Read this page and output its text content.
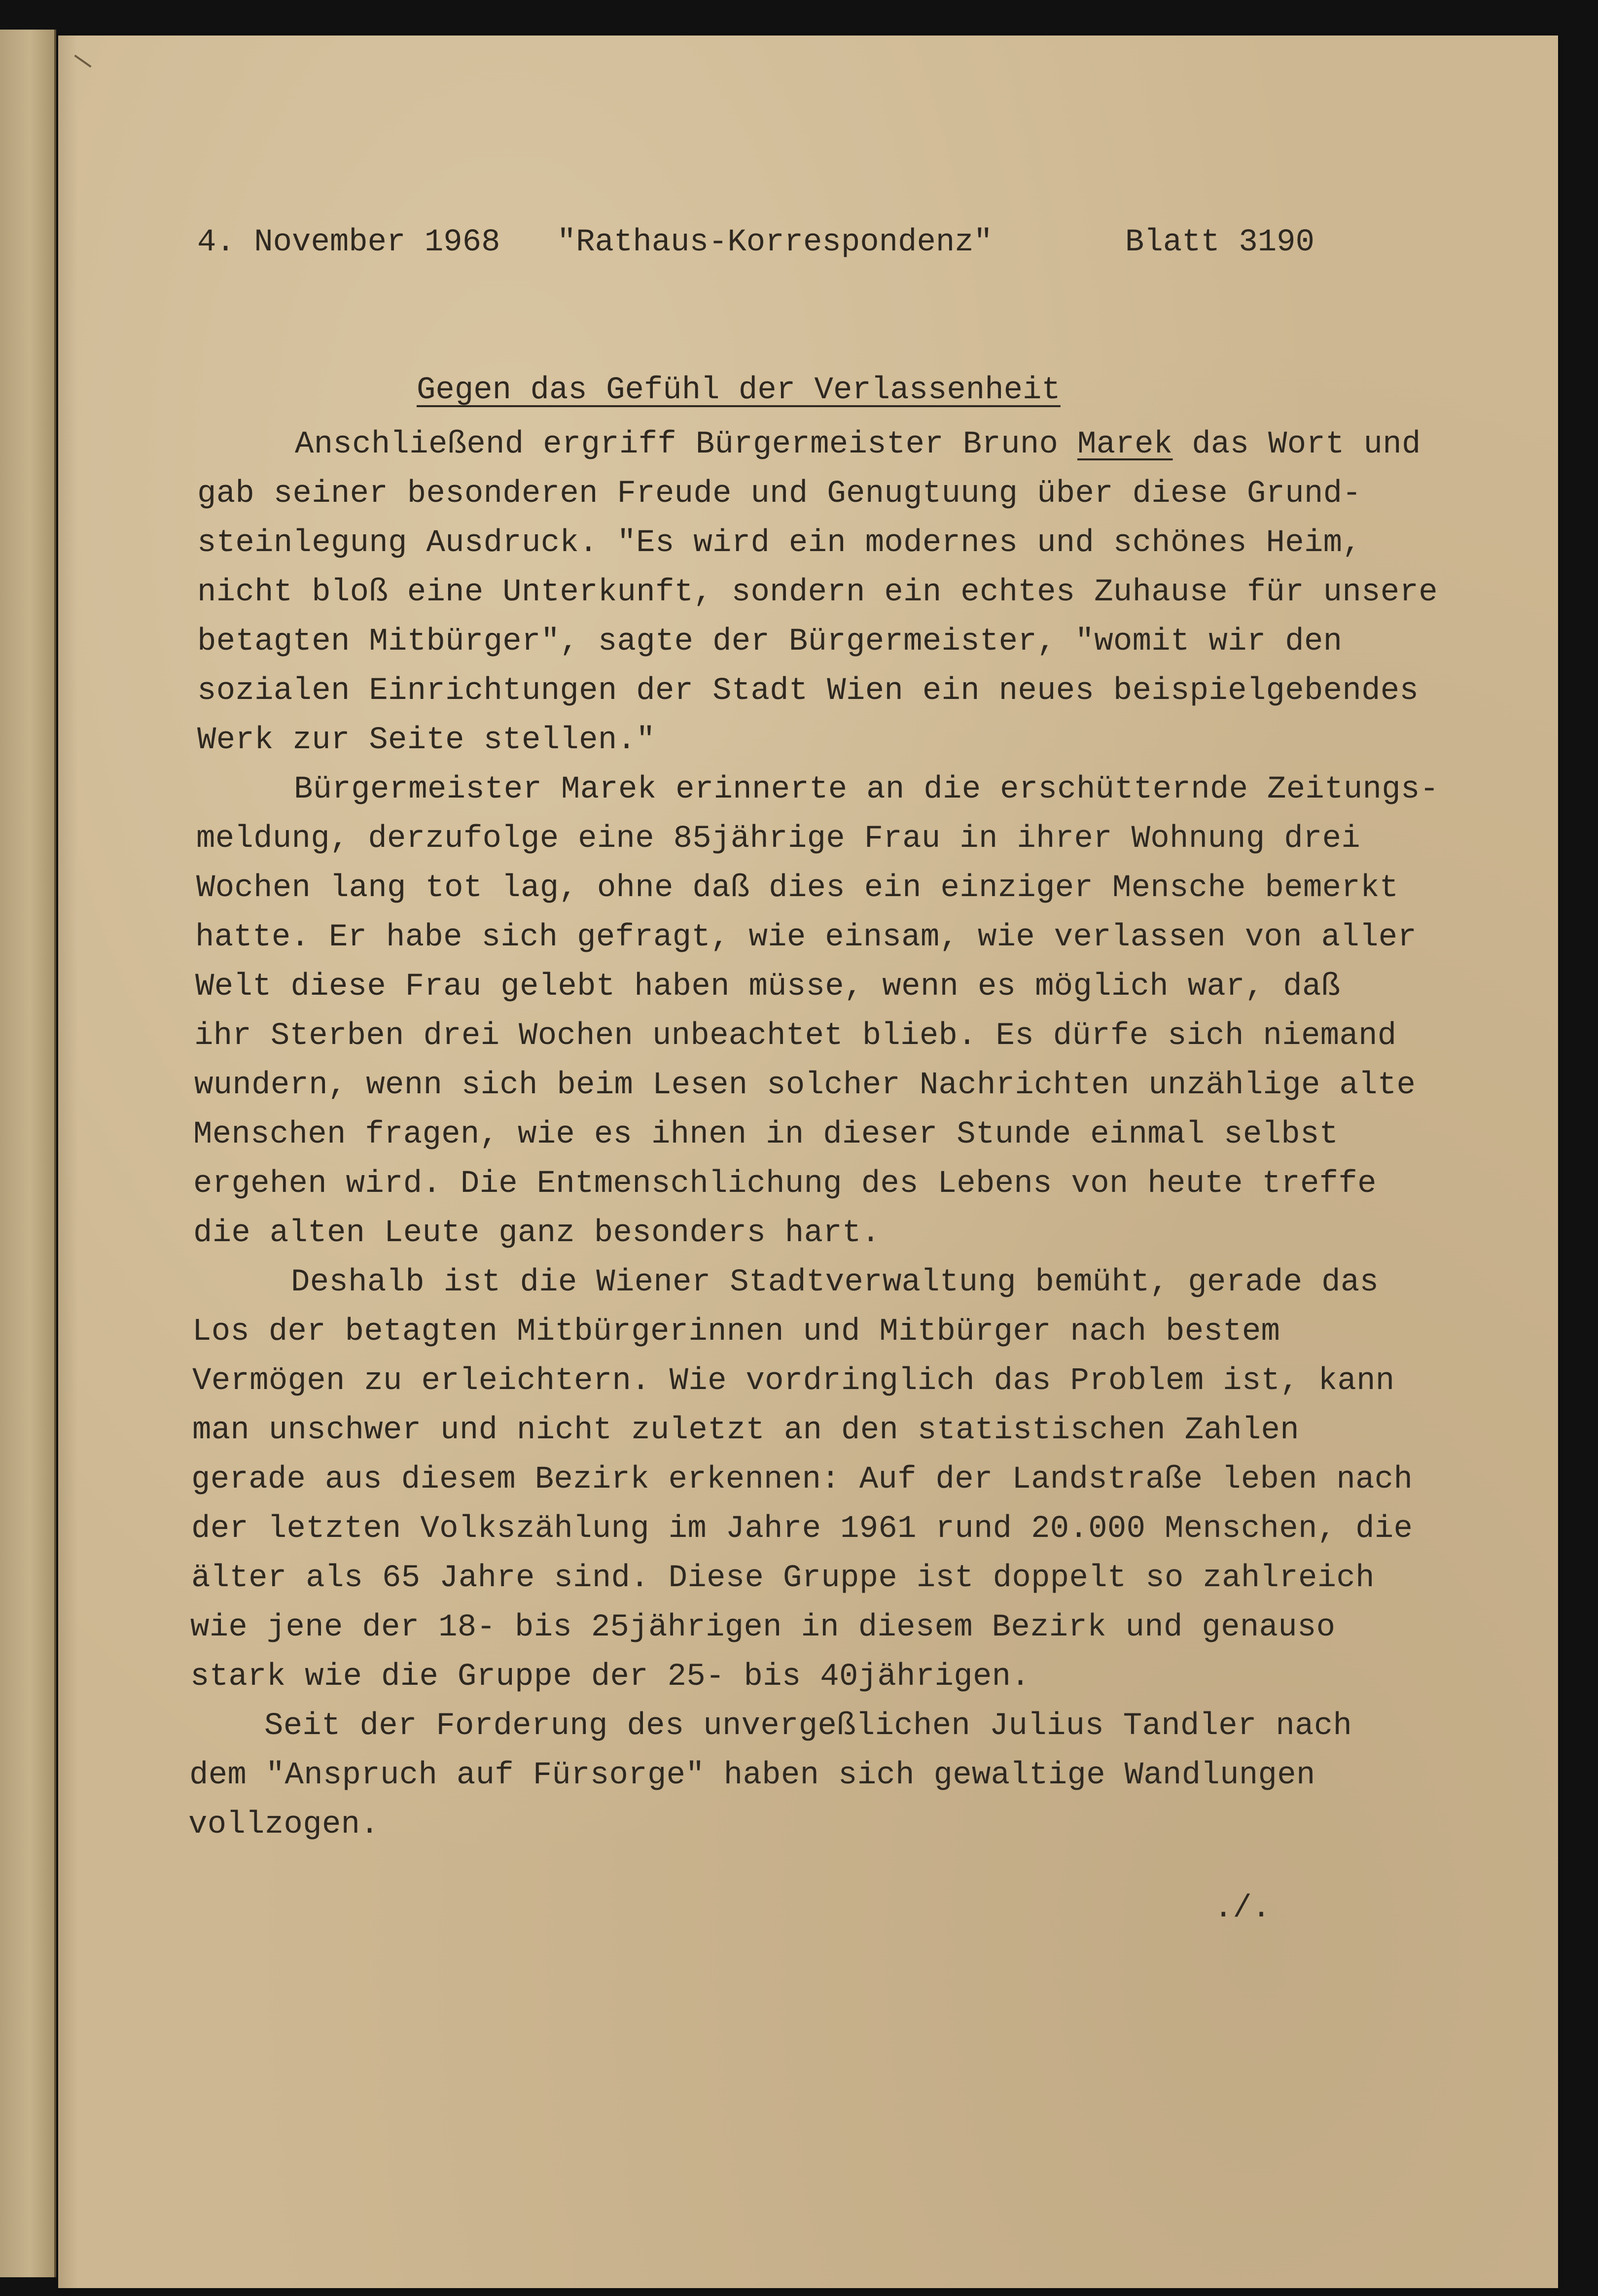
4. November 1968 "Rathaus-Korrespondenz"	Blatt 3190

Gegen das Gefühl der Verlassenheit

Anschließend ergriff Bürgermeister Bruno Marek das Wort und

gab seiner besonderen Freude und Genugtuung über diese Grund-

steinlegung Ausdruck. "Es wird ein modernes und schönes Heim,

nicht bloß eine Unterkunft, sondern ein echtes Zuhause für unsere

betagten Mitbürger", sagte der Bürgermeister, "womit wir den

sozialen Einrichtungen der Stadt Wien ein neues beispielgebendes

Werk zur Seite stellen."

Bürgermeister Marek erinnerte an die erschütternde Zeitungs-

meldung, derzufolge eine 85jährige Frau in ihrer Wohnung drei

Wochen lang tot lag, ohne daß dies ein einziger Mensche bemerkt

hatte. Er habe sich gefragt, wie einsam, wie verlassen von aller

Welt diese Frau gelebt haben müsse, wenn es möglich war, daß

ihr Sterben drei Wochen unbeachtet blieb. Es dürfe sich niemand

wundern, wenn sich beim Lesen solcher Nachrichten unzählige alte

Menschen fragen, wie es ihnen in dieser Stunde einmal selbst

ergehen wird. Die Entmenschlichung des Lebens von heute treffe

die alten Leute ganz besonders hart.

Deshalb ist die Wiener Stadtverwaltung bemüht, gerade das

Los der betagten Mitbürgerinnen und Mitbürger nach bestem

Vermögen zu erleichtern. Wie vordringlich das Problem ist, kann

man unschwer und nicht zuletzt an den statistischen Zahlen

gerade aus diesem Bezirk erkennen: Auf der Landstraße leben nach

der letzten Volkszählung im Jahre 1961 rund 20.000 Menschen, die

älter als 65 Jahre sind. Diese Gruppe ist doppelt so zahlreich

wie jene der 18- bis 25jährigen in diesem Bezirk und genauso

stark wie die Gruppe der 25- bis 40jährigen.

Seit der Forderung des unvergeßlichen Julius Tandler nach

dem "Anspruch auf Fürsorge" haben sich gewaltige Wandlungen

vollzogen.

./.
